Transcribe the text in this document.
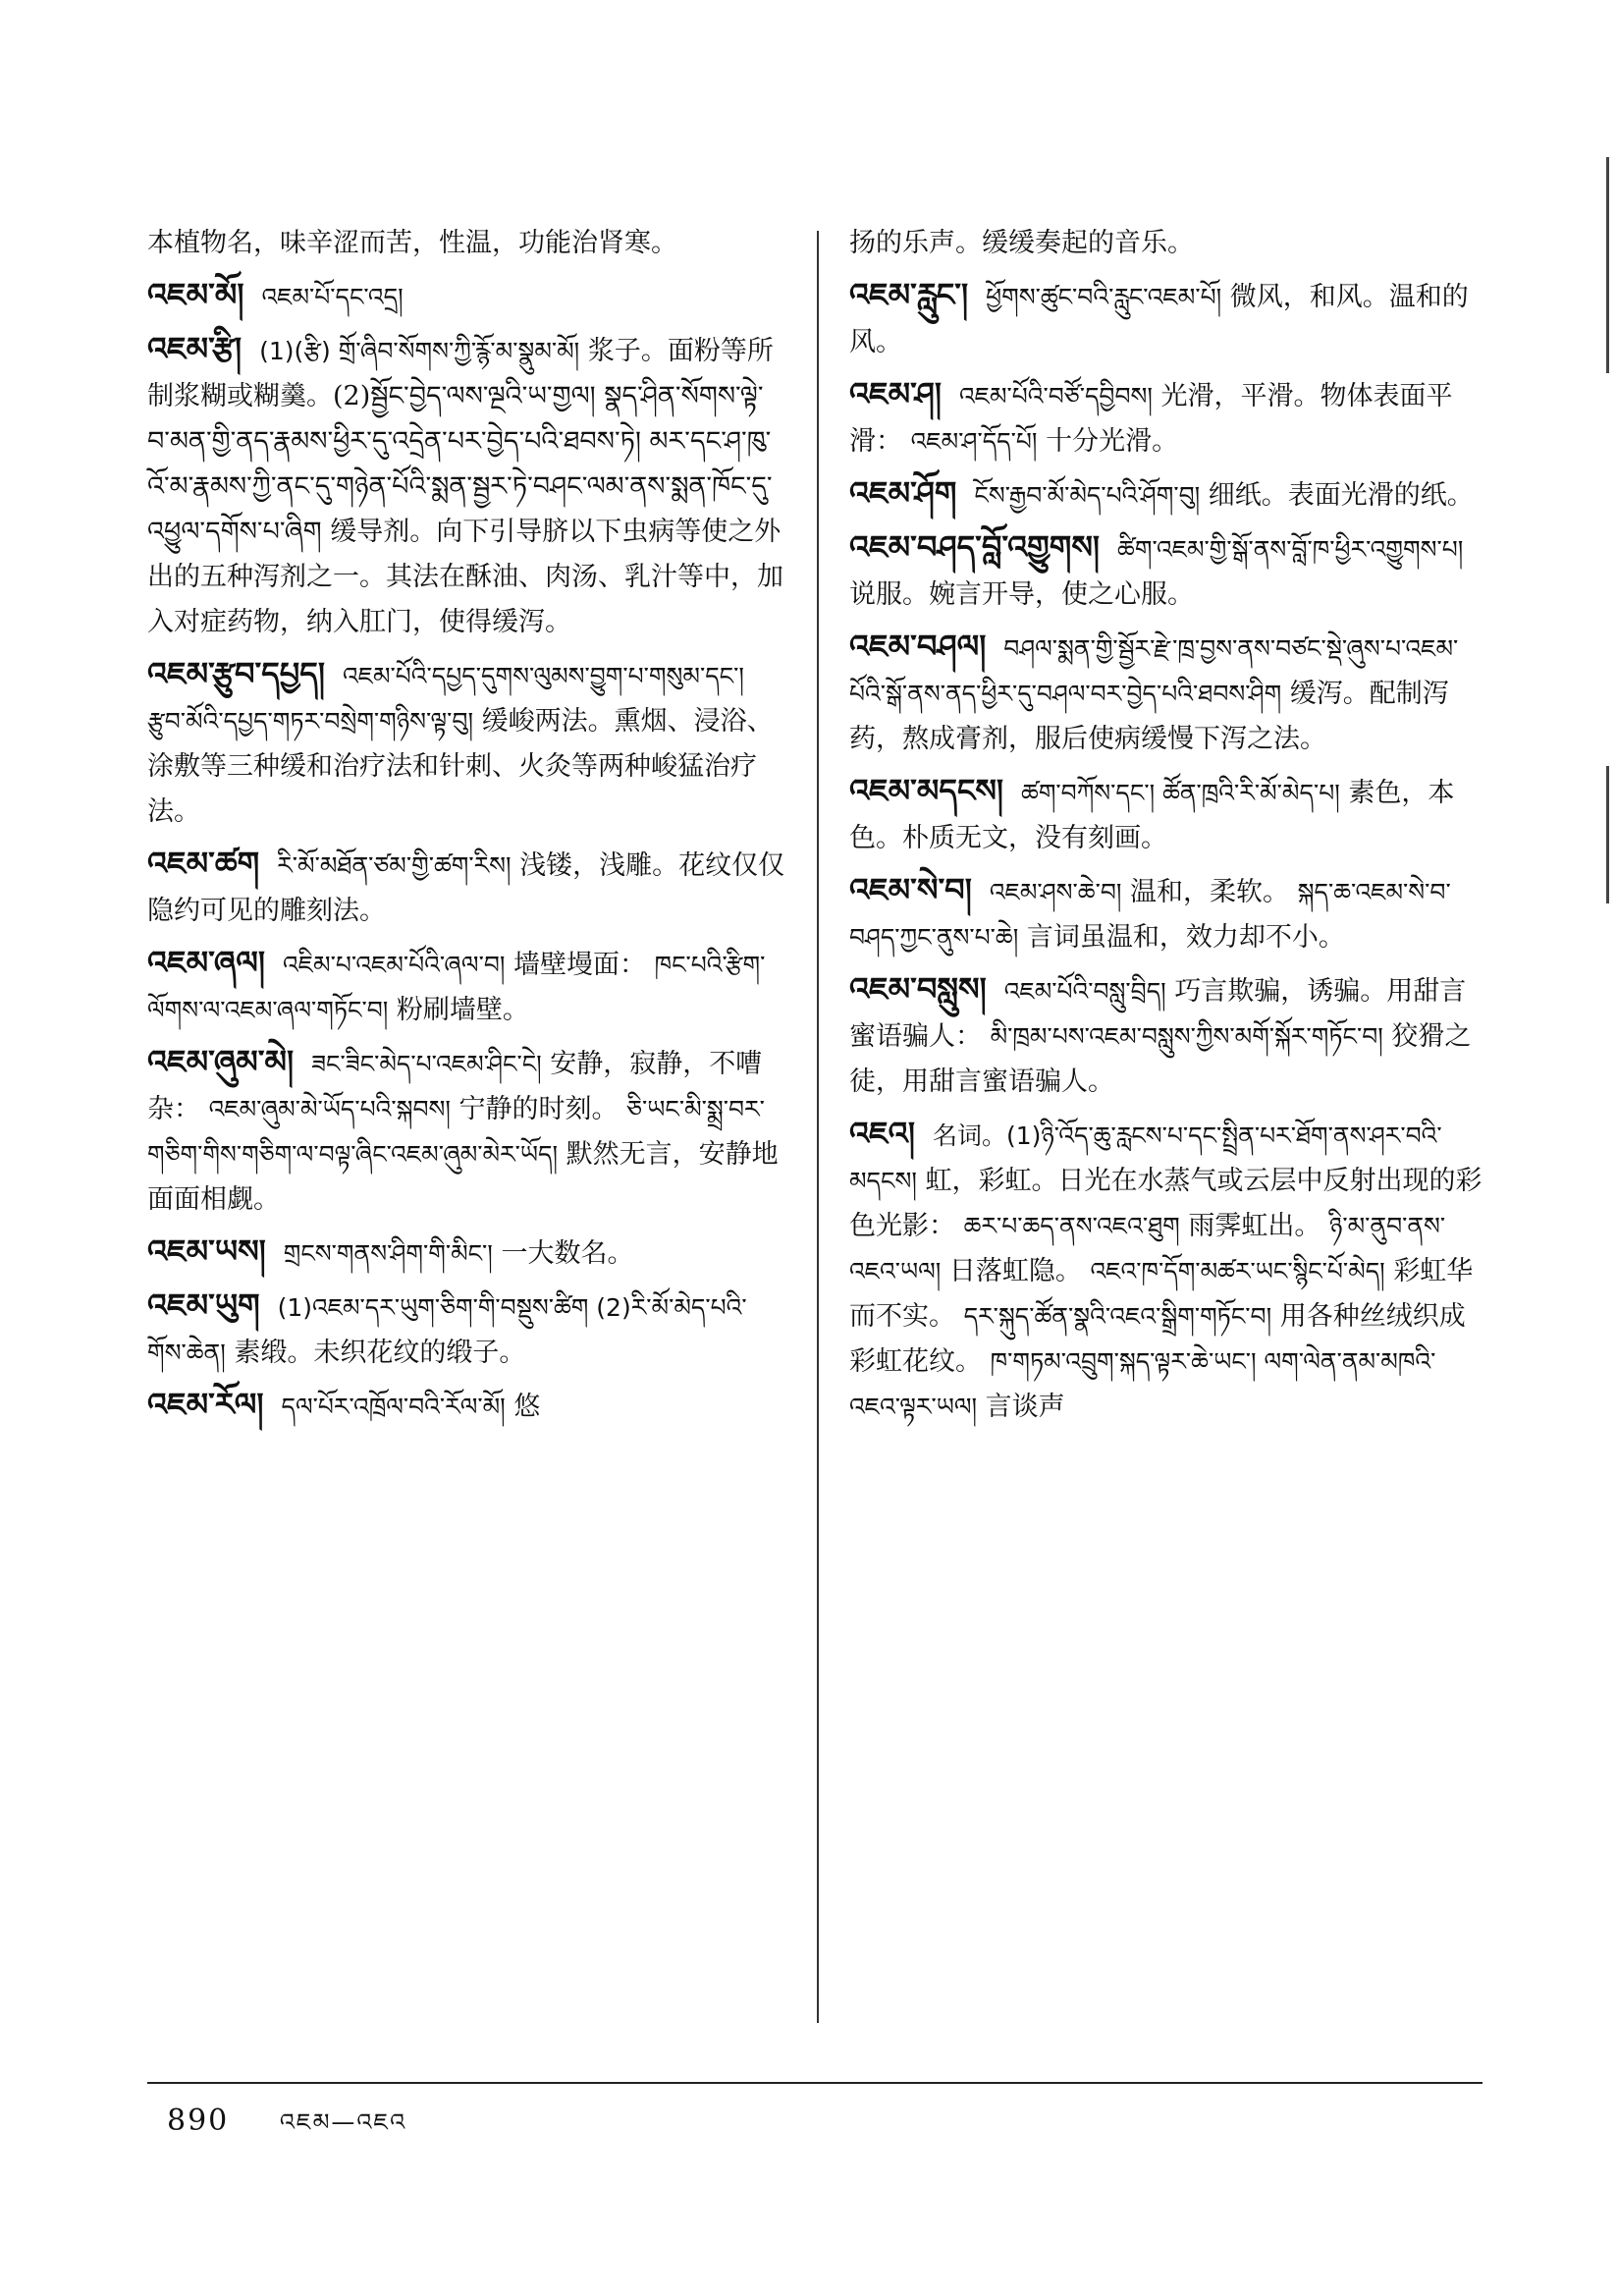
本植物名，味辛涩而苦，性温，功能治肾寒。
འཇམ་མོ། འཇམ་པོ་དང་འདྲ།
འཇམ་རྩི། (1)(རྩི) གྲོ་ཞིབ་སོགས་ཀྱི་རྙོ་མ་སྣུམ་མོ། 浆子。面粉等所制浆糊或糊羹。(2)སྦྱོང་བྱེད་ལས་ལྔའི་ཡ་གྱལ། སྣད་ཤིན་སོགས་ལྟེ་བ་མན་གྱི་ནད་རྣམས་ཕྱིར་དུ་འདྲེན་པར་བྱེད་པའི་ཐབས་ཏེ། མར་དང་ཤ་ཁུ་འོ་མ་རྣམས་ཀྱི་ནང་དུ་གཉེན་པོའི་སྨན་སྦྱར་ཏེ་བཤང་ལམ་ནས་སྨན་ཁོང་དུ་འཕྱུལ་དགོས་པ་ཞིག 缓导剂。向下引导脐以下虫病等使之外出的五种泻剂之一。其法在酥油、肉汤、乳汁等中，加入对症药物，纳入肛门，使得缓泻。
འཇམ་རྩུབ་དཔྱད། འཇམ་པོའི་དཔྱད་དུགས་ལུམས་བྱུག་པ་གསུམ་དང་། རྩུབ་མོའི་དཔྱད་གཏར་བསྲེག་གཉིས་ལྟ་བུ། 缓峻两法。熏烟、浸浴、涂敷等三种缓和治疗法和针刺、火灸等两种峻猛治疗法。
འཇམ་ཚག རི་མོ་མཐོན་ཙམ་གྱི་ཚག་རིས། 浅镂，浅雕。花纹仅仅隐约可见的雕刻法。
འཇམ་ཞལ། འཇིམ་པ་འཇམ་པོའི་ཞལ་བ། 墙壁墁面： ཁང་པའི་རྩིག་ལོགས་ལ་འཇམ་ཞལ་གཏོང་བ། 粉刷墙壁。
འཇམ་ཞུམ་མེ། ཟང་ཟིང་མེད་པ་འཇམ་ཤིང་ངེ། 安静，寂静，不嘈杂： འཇམ་ཞུམ་མེ་ཡོད་པའི་སྐབས། 宁静的时刻。 ཅི་ཡང་མི་སྨྲ་བར་གཅིག་གིས་གཅིག་ལ་བལྟ་ཞིང་འཇམ་ཞུམ་མེར་ཡོད། 默然无言，安静地面面相觑。
འཇམ་ཡས། གྲངས་གནས་ཤིག་གི་མིང་། 一大数名。
འཇམ་ཡུག (1)འཇམ་དར་ཡུག་ཅིག་གི་བསྡུས་ཚིག (2)རི་མོ་མེད་པའི་གོས་ཆེན། 素缎。未织花纹的缎子。
འཇམ་རོལ། དལ་པོར་འཁྲོལ་བའི་རོལ་མོ། 悠
扬的乐声。缓缓奏起的音乐。
འཇམ་རླུང་། ཕྱོགས་ཚུང་བའི་རླུང་འཇམ་པོ། 微风，和风。温和的风。
འཇམ་ཤ། འཇམ་པོའི་བཙོ་དབྱིབས། 光滑，平滑。物体表面平滑： འཇམ་ཤ་དོད་པོ། 十分光滑。
འཇམ་ཤོག ངོས་རྒྱབ་མོ་མེད་པའི་ཤོག་བུ། 细纸。表面光滑的纸。
འཇམ་བཤད་བློ་འགྱུགས། ཚིག་འཇམ་གྱི་སྒོ་ནས་བློ་ཁ་ཕྱིར་འགྱུགས་པ། 说服。婉言开导，使之心服。
འཇམ་བཤལ། བཤལ་སྨན་གྱི་སྦྱོར་རྫེ་ཁྲ་བྱས་ནས་བཙང་སྡེ་ཞུས་པ་འཇམ་པོའི་སྒོ་ནས་ནད་ཕྱིར་དུ་བཤལ་བར་བྱེད་པའི་ཐབས་ཤིག 缓泻。配制泻药，熬成膏剂，服后使病缓慢下泻之法。
འཇམ་མདངས། ཚག་བཀོས་དང་། ཚོན་ཁྲའི་རི་མོ་མེད་པ། 素色，本色。朴质无文，没有刻画。
འཇམ་སེ་བ། འཇམ་ཤས་ཆེ་བ། 温和，柔软。 སྐད་ཆ་འཇམ་སེ་བ་བཤད་ཀྱང་ནུས་པ་ཆེ། 言词虽温和，效力却不小。
འཇམ་བསླུས། འཇམ་པོའི་བསླུ་བྲིད། 巧言欺骗，诱骗。用甜言蜜语骗人： མི་ཁྲམ་པས་འཇམ་བསླུས་ཀྱིས་མགོ་སྐོར་གཏོང་བ། 狡猾之徒，用甜言蜜语骗人。
འཇའ། 名词。(1)ཉི་འོད་ཆུ་རླངས་པ་དང་སྤྲིན་པར་ཐོག་ནས་ཤར་བའི་མདངས། 虹，彩虹。日光在水蒸气或云层中反射出现的彩色光影： ཆར་པ་ཆད་ནས་འཇའ་ཐུག 雨霁虹出。 ཉི་མ་ནུབ་ནས་འཇའ་ཡལ། 日落虹隐。 འཇའ་ཁ་དོག་མཚར་ཡང་སྙིང་པོ་མེད། 彩虹华而不实。 དར་སྐུད་ཚོན་སྣའི་འཇའ་སྒྲིག་གཏོང་བ། 用各种丝绒织成彩虹花纹。 ཁ་གཏམ་འབྲུག་སྐད་ལྟར་ཆེ་ཡང་། ལག་ལེན་ནམ་མཁའི་འཇའ་ལྟར་ཡལ། 言谈声
890 འཇམ—འཇའ
